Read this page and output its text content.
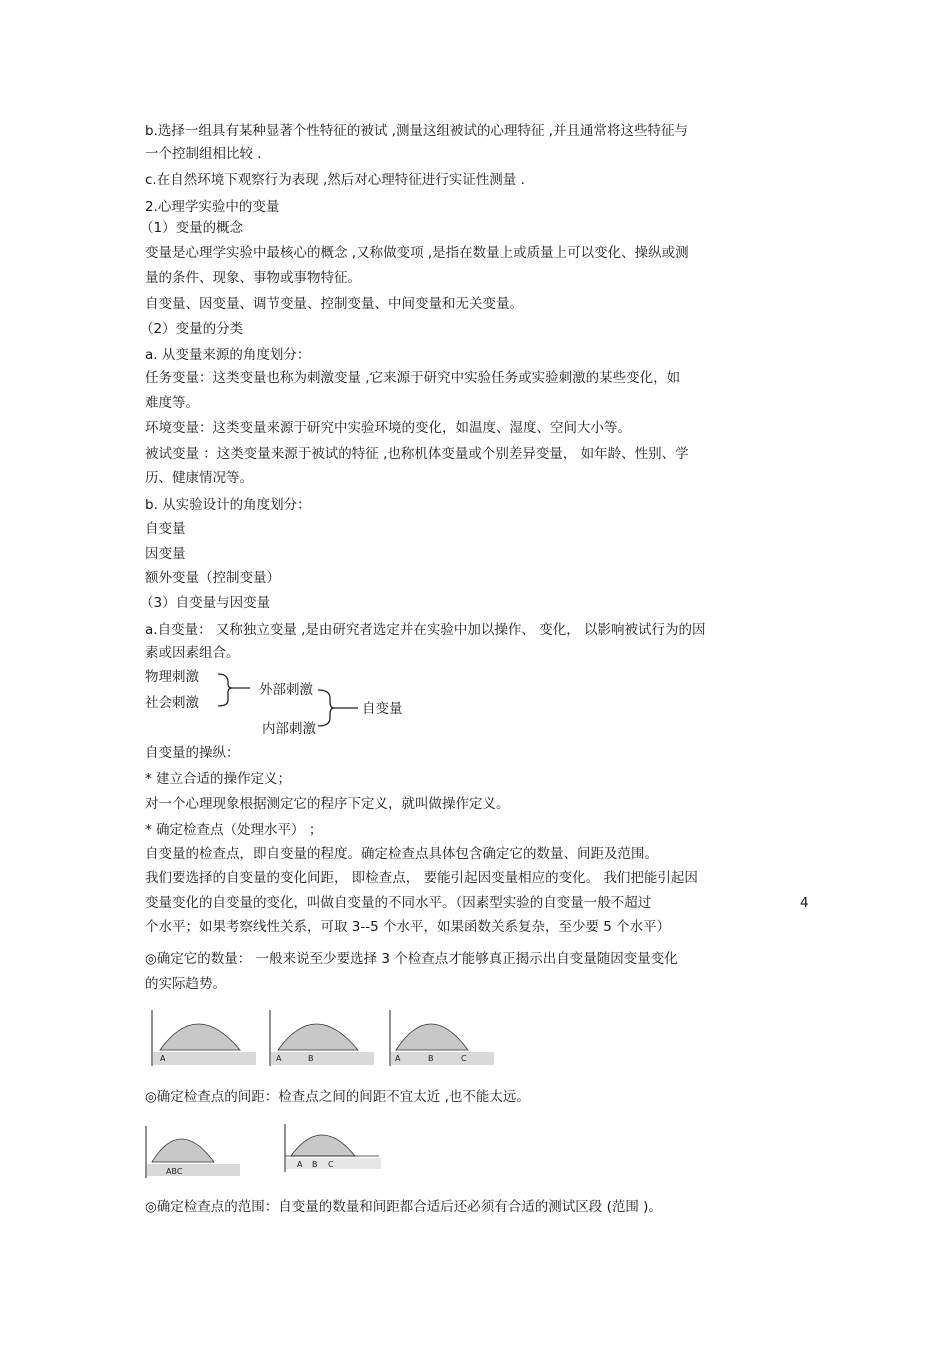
b.选择一组具有某种显著个性特征的被试 ,测量这组被试的心理特征 ,并且通常将这些特征与
一个控制组相比较 .
c.在自然环境下观察行为表现 ,然后对心理特征进行实证性测量 .
2.心理学实验中的变量
（1）变量的概念
变量是心理学实验中最核心的概念 ,又称做变项 ,是指在数量上或质量上可以变化、操纵或测
量的条件、现象、事物或事物特征。
自变量、因变量、调节变量、控制变量、中间变量和无关变量。
（2）变量的分类
a. 从变量来源的角度划分：
任务变量：这类变量也称为刺激变量 ,它来源于研究中实验任务或实验刺激的某些变化，如
难度等。
环境变量：这类变量来源于研究中实验环境的变化，如温度、湿度、空间大小等。
被试变量 ：这类变量来源于被试的特征 ,也称机体变量或个别差异变量， 如年龄、性别、学
历、健康情况等。
b. 从实验设计的角度划分：
自变量
因变量
额外变量（控制变量）
（3）自变量与因变量
a.自变量： 又称独立变量 ,是由研究者选定并在实验中加以操作、 变化， 以影响被试行为的因
素或因素组合。
物理刺激
社会刺激
外部刺激
内部刺激
自变量
自变量的操纵：
* 建立合适的操作定义；
对一个心理现象根据测定它的程序下定义，就叫做操作定义。
* 确定检查点（处理水平） ；
自变量的检查点，即自变量的程度。确定检查点具体包含确定它的数量、间距及范围。
我们要选择的自变量的变化间距， 即检查点， 要能引起因变量相应的变化。 我们把能引起因
变量变化的自变量的变化，叫做自变量的不同水平。（因素型实验的自变量一般不超过	4
个水平；如果考察线性关系，可取 3--5 个水平，如果函数关系复杂，至少要 5 个水平）
◎确定它的数量： 一般来说至少要选择 3 个检查点才能够真正揭示出自变量随因变量变化
的实际趋势。
A	A	B	A	B	C
◎确定检查点的间距：检查点之间的间距不宜太近 ,也不能太远。
ABC
A B C
◎确定检查点的范围：自变量的数量和间距都合适后还必须有合适的测试区段 (范围 )。
